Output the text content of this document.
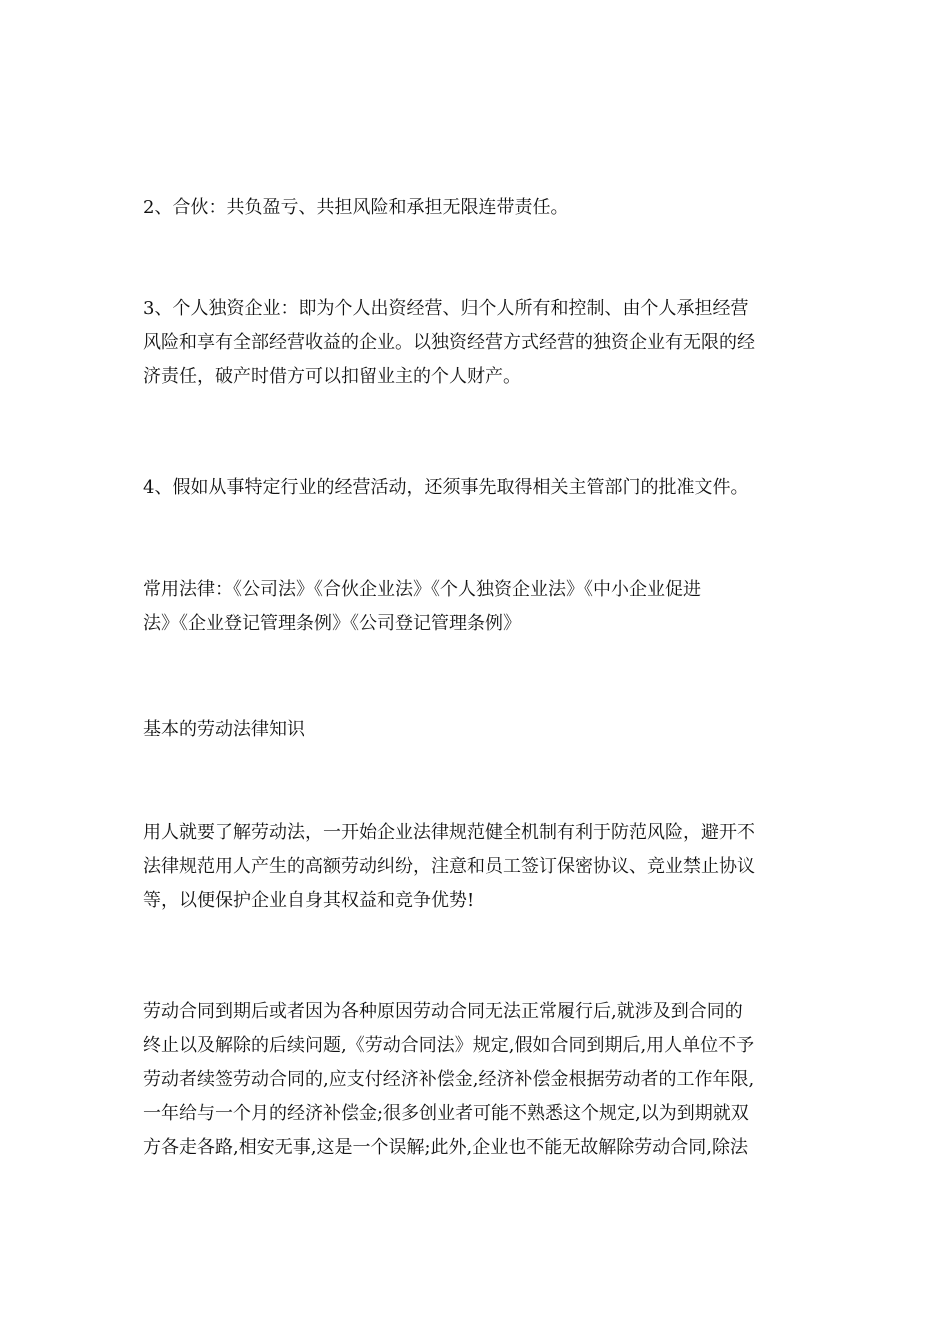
2、合伙：共负盈亏、共担风险和承担无限连带责任。
3、个人独资企业：即为个人出资经营、归个人所有和控制、由个人承担经营
风险和享有全部经营收益的企业。以独资经营方式经营的独资企业有无限的经
济责任，破产时借方可以扣留业主的个人财产。
4、假如从事特定行业的经营活动，还须事先取得相关主管部门的批准文件。
常用法律：《公司法》《合伙企业法》《个人独资企业法》《中小企业促进
法》《企业登记管理条例》《公司登记管理条例》
基本的劳动法律知识
用人就要了解劳动法，一开始企业法律规范健全机制有利于防范风险，避开不
法律规范用人产生的高额劳动纠纷，注意和员工签订保密协议、竞业禁止协议
等，以便保护企业自身其权益和竞争优势!
劳动合同到期后或者因为各种原因劳动合同无法正常履行后,就涉及到合同的
终止以及解除的后续问题,《劳动合同法》规定,假如合同到期后,用人单位不予
劳动者续签劳动合同的,应支付经济补偿金,经济补偿金根据劳动者的工作年限,
一年给与一个月的经济补偿金;很多创业者可能不熟悉这个规定,以为到期就双
方各走各路,相安无事,这是一个误解;此外,企业也不能无故解除劳动合同,除法
